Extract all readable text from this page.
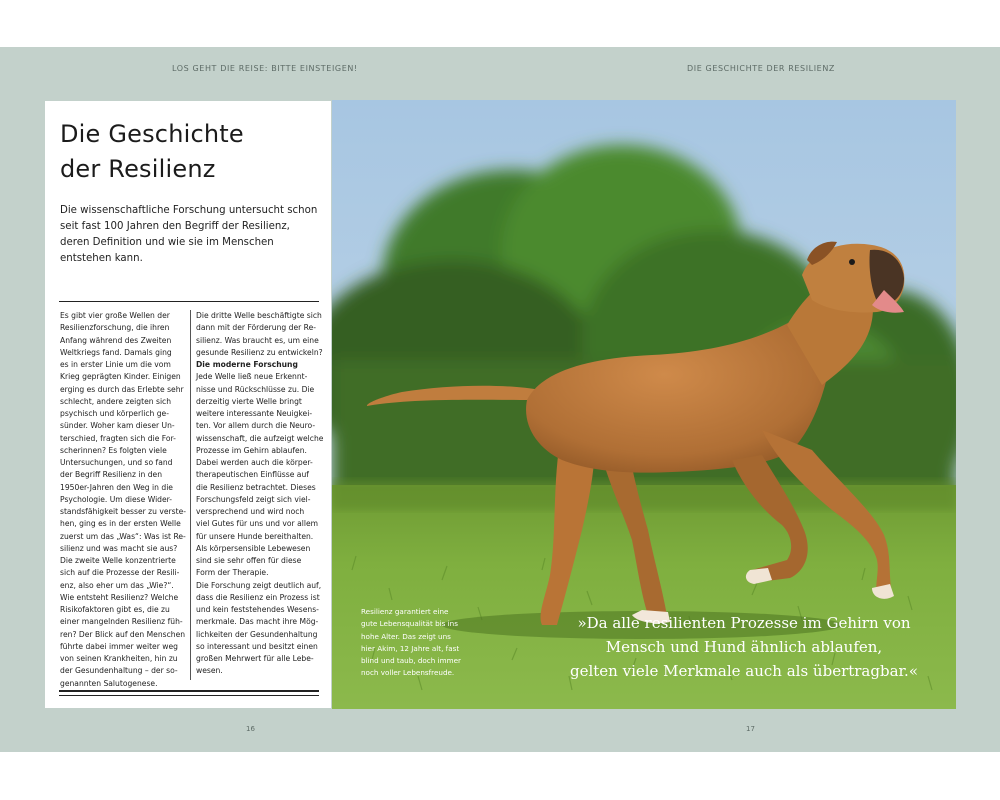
LOS GEHT DIE REISE: BITTE EINSTEIGEN!	DIE GESCHICHTE DER RESILIENZ
Die Geschichte
der Resilienz

Die wissenschaftliche Forschung untersucht schon seit fast 100 Jahren den Begriff der Resilienz, deren Definition und wie sie im Menschen entstehen kann.

Es gibt vier große Wellen der
Resilienzforschung, die ihren
Anfang während des Zweiten
Weltkriegs fand. Damals ging
es in erster Linie um die vom
Krieg geprägten Kinder. Einigen
erging es durch das Erlebte sehr
schlecht, andere zeigten sich
psychisch und körperlich ge-
sünder. Woher kam dieser Un-
terschied, fragten sich die For-
scherinnen? Es folgten viele
Untersuchungen, und so fand
der Begriff Resilienz in den
1950er-Jahren den Weg in die
Psychologie. Um diese Wider-
standsfähigkeit besser zu verste-
hen, ging es in der ersten Welle
zuerst um das „Was“: Was ist Re-
silienz und was macht sie aus?
Die zweite Welle konzentrierte
sich auf die Prozesse der Resili-
enz, also eher um das „Wie?“.
Wie entsteht Resilienz? Welche
Risikofaktoren gibt es, die zu
einer mangelnden Resilienz füh-
ren? Der Blick auf den Menschen
führte dabei immer weiter weg
von seinen Krankheiten, hin zu
der Gesundenhaltung – der so-
genannten Salutogenese.
Die dritte Welle beschäftigte sich
dann mit der Förderung der Re-
silienz. Was braucht es, um eine
gesunde Resilienz zu entwickeln?

Die moderne Forschung
Jede Welle ließ neue Erkennt-
nisse und Rückschlüsse zu. Die
derzeitig vierte Welle bringt
weitere interessante Neuigkei-
ten. Vor allem durch die Neuro-
wissenschaft, die aufzeigt welche
Prozesse im Gehirn ablaufen.
Dabei werden auch die körper-
therapeutischen Einflüsse auf
die Resilienz betrachtet. Dieses
Forschungsfeld zeigt sich viel-
versprechend und wird noch
viel Gutes für uns und vor allem
für unsere Hunde bereithalten.
Als körpersensible Lebewesen
sind sie sehr offen für diese
Form der Therapie.
Die Forschung zeigt deutlich auf,
dass die Resilienz ein Prozess ist
und kein feststehendes Wesens-
merkmale. Das macht ihre Mög-
lichkeiten der Gesundenhaltung
so interessant und besitzt einen
großen Mehrwert für alle Lebe-
wesen.
Resilienz garantiert eine
gute Lebensqualität bis ins
hohe Alter. Das zeigt uns
hier Akim, 12 Jahre alt, fast
blind und taub, doch immer
noch voller Lebensfreude.
»Da alle resilienten Prozesse im Gehirn von
Mensch und Hund ähnlich ablaufen,
gelten viele Merkmale auch als übertragbar.«
16	17
